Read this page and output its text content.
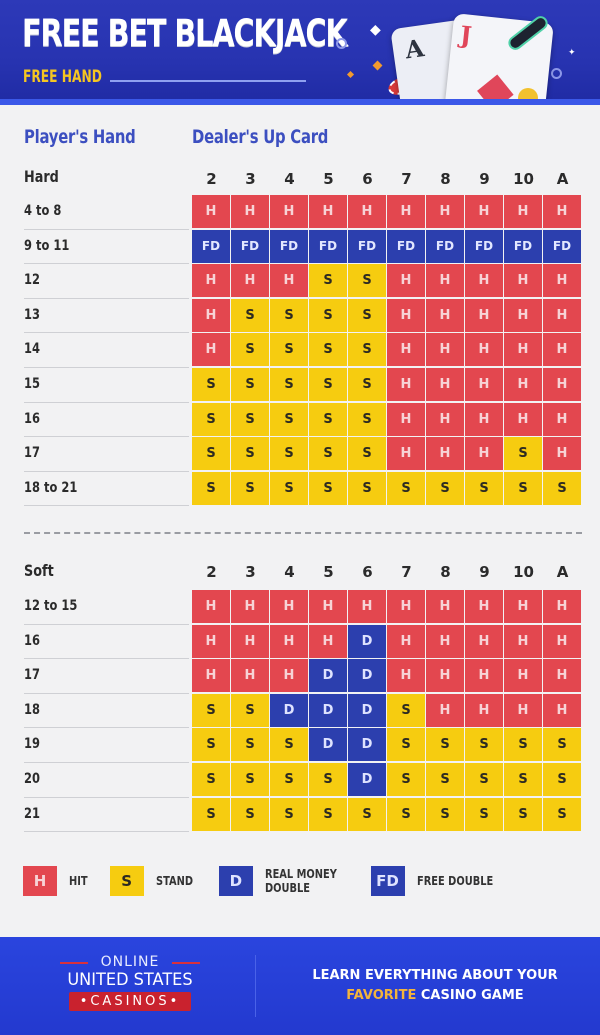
FREE BET BLACKJACK
FREE HAND
◆
✦
A J
Player's Hand	Dealer's Up Card
Hard	2	3	4	5	6	7	8	9	10	A
4 to 8	H	H	H	H	H	H	H	H	H	H
9 to 11	FD	FD	FD	FD	FD	FD	FD	FD	FD	FD
12	H	H	H	S	S	H	H	H	H	H
13	H	S	S	S	S	H	H	H	H	H
14	H	S	S	S	S	H	H	H	H	H
15	S	S	S	S	S	H	H	H	H	H
16	S	S	S	S	S	H	H	H	H	H
17	S	S	S	S	S	H	H	H	S	H
18 to 21	S	S	S	S	S	S	S	S	S	S
Soft	2	3	4	5	6	7	8	9	10	A
12 to 15	H	H	H	H	H	H	H	H	H	H
16	H	H	H	H	D	H	H	H	H	H
17	H	H	H	D	D	H	H	H	H	H
18	S	S	D	D	D	S	H	H	H	H
19	S	S	S	D	D	S	S	S	S	S
20	S	S	S	S	D	S	S	S	S	S
21	S	S	S	S	S	S	S	S	S	S
H	HIT	S	STAND	D	REAL MONEY
DOUBLE	FD	FREE DOUBLE
ONLINE
UNITED STATES
•CASINOS•
LEARN EVERYTHING ABOUT YOUR
FAVORITE CASINO GAME
